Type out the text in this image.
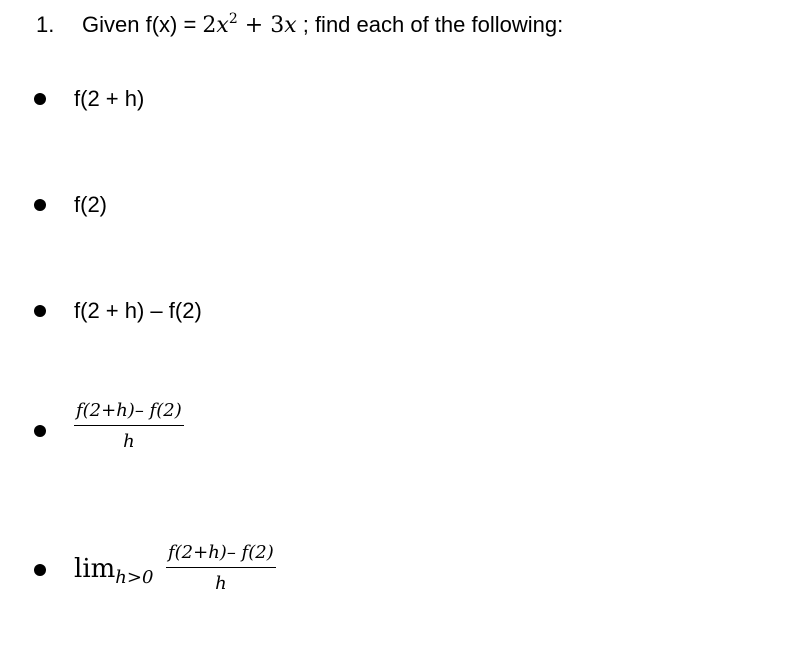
1. Given $f(x) = 2x^2 + 3x$ ; find each of the following:
f(2 + h)
f(2)
f(2 + h) – f(2)
$\frac{f(2+h)- f(2)}{h}$
$\lim_{h>0} \frac{f(2+h)- f(2)}{h}$
